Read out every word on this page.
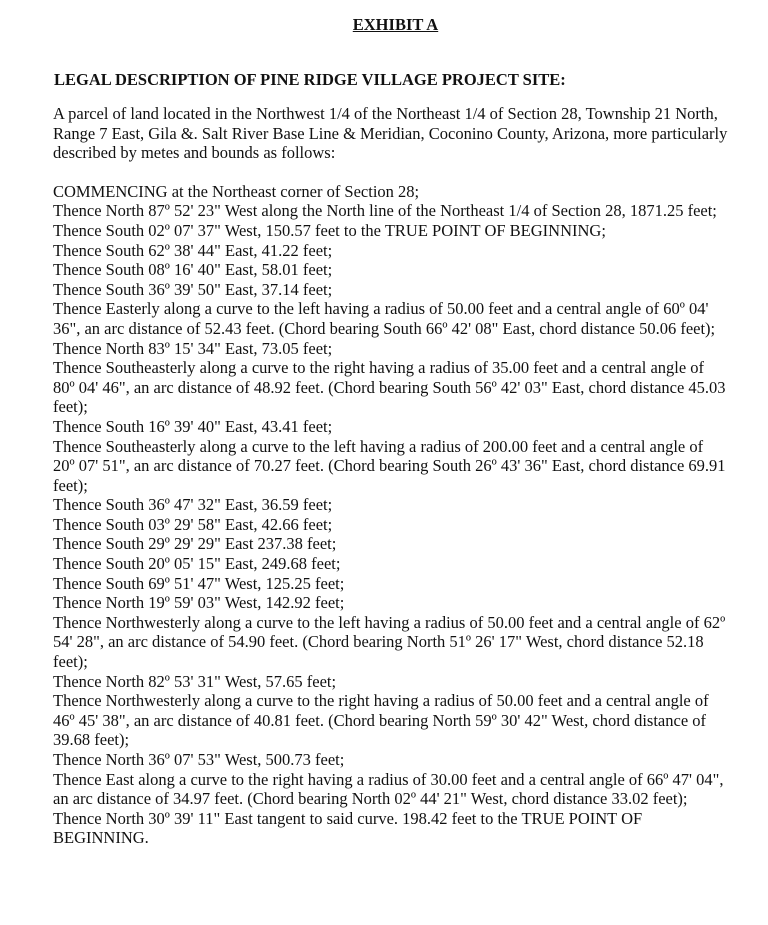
EXHIBIT A
LEGAL DESCRIPTION OF PINE RIDGE VILLAGE PROJECT SITE:

A parcel of land located in the Northwest 1/4 of the Northeast 1/4 of Section 28, Township 21 North, Range 7 East, Gila &. Salt River Base Line & Meridian, Coconino County, Arizona, more particularly described by metes and bounds as follows:

COMMENCING at the Northeast corner of Section 28;
Thence North 87º 52' 23" West along the North line of the Northeast 1/4 of Section 28, 1871.25 feet;
Thence South 02º 07' 37" West, 150.57 feet to the TRUE POINT OF BEGINNING;
Thence South 62º 38' 44" East, 41.22 feet;
Thence South 08º 16' 40" East, 58.01 feet;
Thence South 36º 39' 50" East, 37.14 feet;
Thence Easterly along a curve to the left having a radius of 50.00 feet and a central angle of 60º 04' 36", an arc distance of 52.43 feet. (Chord bearing South 66º 42' 08" East, chord distance 50.06 feet);
Thence North 83º 15' 34" East, 73.05 feet;
Thence Southeasterly along a curve to the right having a radius of 35.00 feet and a central angle of 80º 04' 46", an arc distance of 48.92 feet. (Chord bearing South 56º 42' 03" East, chord distance 45.03 feet);
Thence South 16º 39' 40" East, 43.41 feet;
Thence Southeasterly along a curve to the left having a radius of 200.00 feet and a central angle of 20º 07' 51", an arc distance of 70.27 feet. (Chord bearing South 26º 43' 36" East, chord distance 69.91 feet);
Thence South 36º 47' 32" East, 36.59 feet;
Thence South 03º 29' 58" East, 42.66 feet;
Thence South 29º 29' 29" East 237.38 feet;
Thence South 20º 05' 15" East, 249.68 feet;
Thence South 69º 51' 47" West, 125.25 feet;
Thence North 19º 59' 03" West, 142.92 feet;
Thence Northwesterly along a curve to the left having a radius of 50.00 feet and a central angle of 62º 54' 28", an arc distance of 54.90 feet. (Chord bearing North 51º 26' 17" West, chord distance 52.18 feet);
Thence North 82º 53' 31" West, 57.65 feet;
Thence Northwesterly along a curve to the right having a radius of 50.00 feet and a central angle of 46º 45' 38", an arc distance of 40.81 feet. (Chord bearing North 59º 30' 42" West, chord distance of 39.68 feet);
Thence North 36º 07' 53" West, 500.73 feet;
Thence East along a curve to the right having a radius of 30.00 feet and a central angle of 66º 47' 04", an arc distance of 34.97 feet. (Chord bearing North 02º 44' 21" West, chord distance 33.02 feet);
Thence North 30º 39' 11" East tangent to said curve. 198.42 feet to the TRUE POINT OF BEGINNING.
